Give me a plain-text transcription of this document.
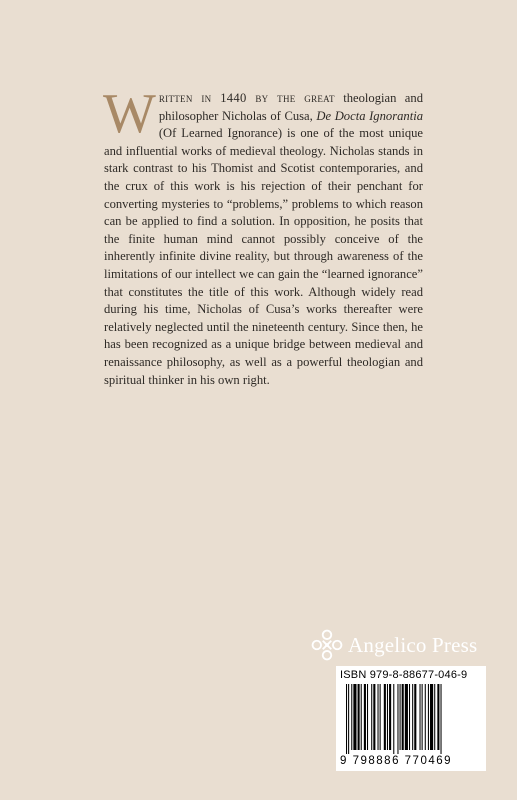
Written in 1440 by the great theologian and philosopher Nicholas of Cusa, De Docta Ignorantia (Of Learned Ignorance) is one of the most unique and influential works of medieval theology. Nicholas stands in stark contrast to his Thomist and Scotist contemporaries, and the crux of this work is his rejection of their penchant for converting mysteries to “problems,” problems to which reason can be applied to find a solution. In opposition, he posits that the finite human mind cannot possibly conceive of the inherently infinite divine reality, but through awareness of the limitations of our intellect we can gain the “learned ignorance” that constitutes the title of this work. Although widely read during his time, Nicholas of Cusa’s works thereafter were relatively neglected until the nineteenth century. Since then, he has been recognized as a unique bridge between medieval and renaissance philosophy, as well as a powerful theologian and spiritual thinker in his own right.
Angelico Press
ISBN 979-8-88677-046-9
9 798886 770469
